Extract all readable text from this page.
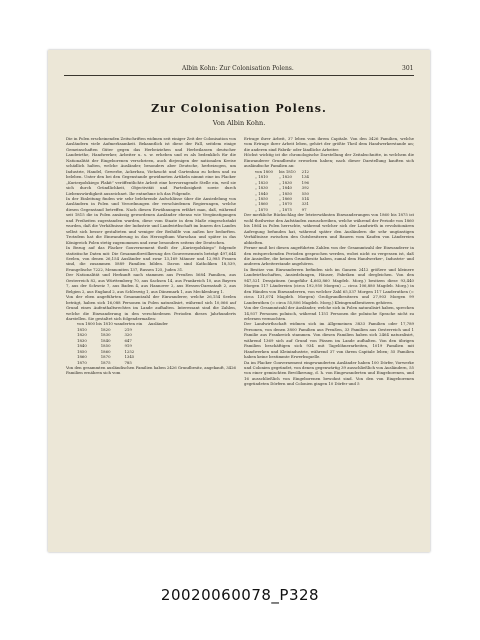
Albin Kohn: Zur Colonisation Polens.	301
Zur Colonisation Polens.
Von Albin Kohn.

Die in Polen erscheinenden Zeitschriften widmen seit einiger Zeit der Colonisation von Ausländern viele Aufmerksamkeit. Bekanntlich ist diese der Fall, seitdem einige Gemeinschaften Güter gegen das Herbeiziehen und Herbeilassen deutscher Landwirthe, Handwerker, Arbeiter u. s. w. erheben und es als bedenklich für die Nationalität der Eingeborenen verschrieen, auch diejenigen der nationalen Kreise schädlich halten, welche Ausländer, besonders aber Deutsche, herbeizogen, um Industrie, Handel, Gewerbe, Ackerbau, Viehzucht und Gartenbau zu heben und zu beleben. Unter den bei den Gegenstande gewidmeten Artikeln nimmt eine im Placker „Kurierpolskiego Plakit” veröffentlichte Arbeit eine hervorragende Stelle ein, weil sie sich durch Gründlichkeit, Objectivität und Parteilosigkeit sowie durch Liebenswürdigkeit auszeichnet. Ihr entnehme ich das Folgende.

In der Einleitung finden wir sehr belehrende Aufschlüsse über die Ansiedelung von Ausländern in Polen und Verordnungen der verschiedenen Regierungen, welche diesen Gegenstand betreffen. Nach diesen Erwähnungen erfährt man, daß, während seit 1815 die in Polen ansässig gewordenen Ausländer ebenso wie Vergünstigungen und Freiheiten zugestanden wurden, diese vom Staate in dem Maße eingeschränkt wurden, daß die Verhältnisse der Industrie und Landwirthschaft im Innern des Landes selbst sich besser gestalteten und weniger der Beihülfe von außen her bedurften. Trotzdem hat die Einwanderung in das Herzogthum Warschau und später in das Königreich Polen stetig zugenommen und zwar besonders seitens der Deutschen.

In Bezug auf das Placker Gouvernement theilt der „Kurierpolskiego” folgende statistische Daten mit: Die Gesammtbevölkerung des Gouvernements beträgt 497,644 Seelen, von denen 26,154 Ausländer und zwar 13,169 Männer und 12,985 Frauen sind, die zusammen 5889 Familien bilden. Davon sind Katholiken 18,539, Evangelische 7222, Mennoniten 137, Russen 125, Juden 31.

Der Nationalität und Herkunft nach stammen aus Preußen 5684 Familien, aus Oesterreich 82, aus Württemberg 70, aus Sachsen 14, aus Frankreich 10, aus Bayern 7, aus der Schweiz 7, aus Baden 4, aus Hannover 2, aus Hessen-Darmstadt 2, aus Belgien 2, aus England 2, aus Schleswig 1, aus Dänemark 1, aus Mecklenburg 1.

Von der eben angeführten Gesammtzahl der Einwanderer, welche 26,154 Seelen beträgt, haben sich 16,088 Personen in Polen naturalisirt, während sich 10,066 auf Grund eines Aufenthaltsrechtes im Lande aufhalten. Interessant sind die Zahlen, welche die Einwanderung in den verschiedenen Perioden dieses Jahrhunderts darstellen. Sie gestaltet sich folgendermaßen:

von 1800 bis 1810 wanderten ein			Ausländer
1810	1820	219	
1820	1830	320	
1830	1840	647	
1840	1850	919	
1850	1860	1252	
1860	1870	1345	
1870	1875	785	

Von den gesammten ausländischen Familien haben 2426 Grundbesitz, angekauft, 3426 Familien ernähren sich vom

Ertrage ihrer Arbeit, 37 leben vom ihrem Capitale. Von den 3426 Familien, welche vom Ertrage ihrer Arbeit leben, gehört der größte Theil dem Handwerkerstande an; die anderen sind Fabrik- oder ländliche Arbeiter.

Höchst wichtig ist die chronologische Darstellung der Zeitabschnitte, in welchem die Einwanderer Grundbesitz erworben haben; nach dieser Darstellung kauften sich ausländische Familien an:

von 1800	bis 1810	212
„ 1810	„ 1820	134
„ 1820	„ 1830	196
„ 1830	„ 1840	392
„ 1840	„ 1850	550
„ 1850	„ 1860	514
„ 1860	„ 1870	331
„ 1870	„ 1875	97

Der merkliche Rückschlag der letzterwähnten Einwanderungen von 1860 bis 1875 ist wohl theilweise den Aufständen zuzuschreiben, welche während der Periode von 1860 bis 1864 in Polen herrschte, während welcher sich der Landwirth in revolutionären Aufregung befunden hat, während später den Ausländern die sehr ungünstigen Verhältnisse zwischen den Gutsbesitzern und Bauern vom Kaufen von Ländereien abhielten.

Ferner muß bei diesen angeführten Zahlen von der Gesammtzahl der Einwanderer in den entsprechenden Perioden gesprochen werden, wobei nicht zu vergessen ist, daß die Ansiedler, die keinen Grundbesitz haben, zumal dem Handwerker-, Industrie- und anderen Arbeiterstande angehören.

In Besitze von Einwanderern befinden sich im Ganzen 2412 größere und kleinere Landwirthschaften, Ansiedelungen, Häuser, Fabriken und dergleichen. Von den 947,521 Dessjatinen (ungefähr 4,663,860 Magdeb. Morg.) besitzen diese 93,440 Morgen 117 Ländereien (circa 192,950 Morgen) — circa 106,880 Magdeb. Morg.) in den Händen von Einwanderern, von welcher Zahl 65,537 Morgen 117 Landeruthen (= circa 131,074 Magdeb. Morgen) Großgrundbesitzern und 27,903 Morgen 99 Landeruthen (= circa 55,806 Magdeb. Morg.) Kleingrundbesitzern gehören.

Von der Gesammtzahl der Ausländer, welche sich in Polen naturalisirt haben, sprechen 14,937 Personen polnisch, während 1151 Personen die polnische Sprache nicht zu erlernen vermochten.

Der Landwirthschaft widmen sich im Allgemeinen 3833 Familien oder 17,789 Personen, von denen 3800 Familien aus Preußen, 33 Familien aus Oesterreich und 1 Familie aus Frankreich stammen. Von diesen Familien haben sich 2464 naturalisirt, während 1369 sich auf Grund von Pässen im Lande aufhalten. Von den übrigen Familien beschäftigen sich 934 mit Tagelöhnerarbeiten, 1019 Familien mit Handwerken und Kleinindustrie, während 37 von ihrem Capitale leben; 55 Familien haben keine bestimmte Erwerbsquelle.

Da im Placker Gouvernement eingewanderten Ausländer haben 100 Dörfer, Vorwerke und Colonien gegründet, von denen gegenwärtig 39 ausschließlich von Ausländern, 55 von einer gemischten Bevölkerung, d. h. von Eingewanderten und Eingeborenen, und 16 ausschließlich von Eingeborenen bewohnt sind. Von den von Eingeborenen gegründeten Dörfern und Colonien gingen 10 Dörfer und 5

20020060078_P328
